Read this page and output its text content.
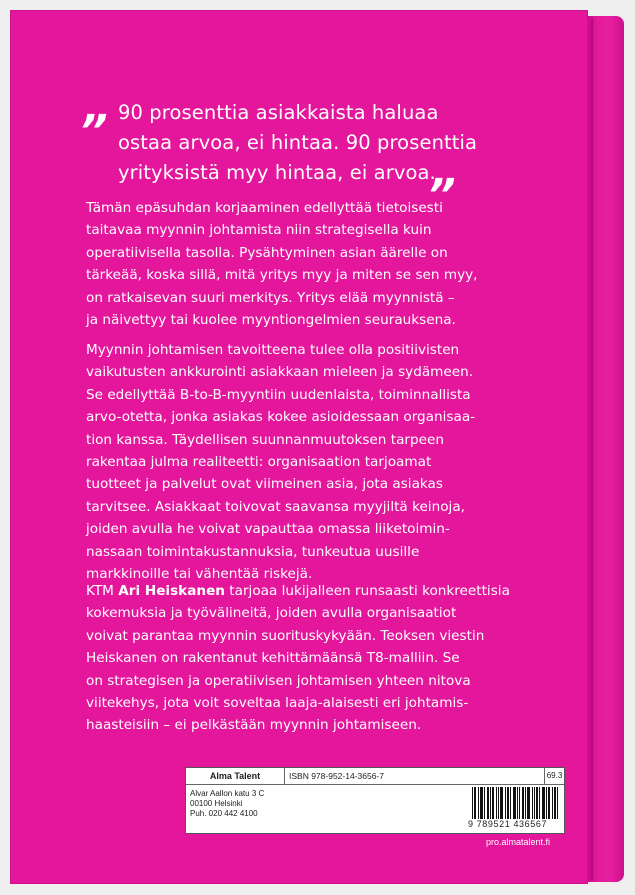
„ 90 prosenttia asiakkaista haluaa
ostaa arvoa, ei hintaa. 90 prosenttia
yrityksistä myy hintaa, ei arvoa.
„
Tämän epäsuhdan korjaaminen edellyttää tietoisesti
taitavaa myynnin johtamista niin strategisella kuin
operatiivisella tasolla. Pysähtyminen asian äärelle on
tärkeää, koska sillä, mitä yritys myy ja miten se sen myy,
on ratkaisevan suuri merkitys. Yritys elää myynnistä –
ja näivettyy tai kuolee myyntiongelmien seurauksena.
Myynnin johtamisen tavoitteena tulee olla positiivisten
vaikutusten ankkurointi asiakkaan mieleen ja sydämeen.
Se edellyttää B-to-B-myyntiin uudenlaista, toiminnallista
arvo-otetta, jonka asiakas kokee asioidessaan organisaa-
tion kanssa. Täydellisen suunnanmuutoksen tarpeen
rakentaa julma realiteetti: organisaation tarjoamat
tuotteet ja palvelut ovat viimeinen asia, jota asiakas
tarvitsee. Asiakkaat toivovat saavansa myyjiltä keinoja,
joiden avulla he voivat vapauttaa omassa liiketoimin-
nassaan toimintakustannuksia, tunkeutua uusille
markkinoille tai vähentää riskejä.
KTM Ari Heiskanen tarjoaa lukijalleen runsaasti konkreettisia
kokemuksia ja työvälineitä, joiden avulla organisaatiot
voivat parantaa myynnin suorituskykyään. Teoksen viestin
Heiskanen on rakentanut kehittämäänsä T8-malliin. Se
on strategisen ja operatiivisen johtamisen yhteen nitova
viitekehys, jota voit soveltaa laaja-alaisesti eri johtamis-
haasteisiin – ei pelkästään myynnin johtamiseen.
Alma Talent	ISBN 978-952-14-3656-7	69.3
Alvar Aallon katu 3 C
00100 Helsinki
Puh. 020 442 4100
9 789521 436567
pro.almatalent.fi
